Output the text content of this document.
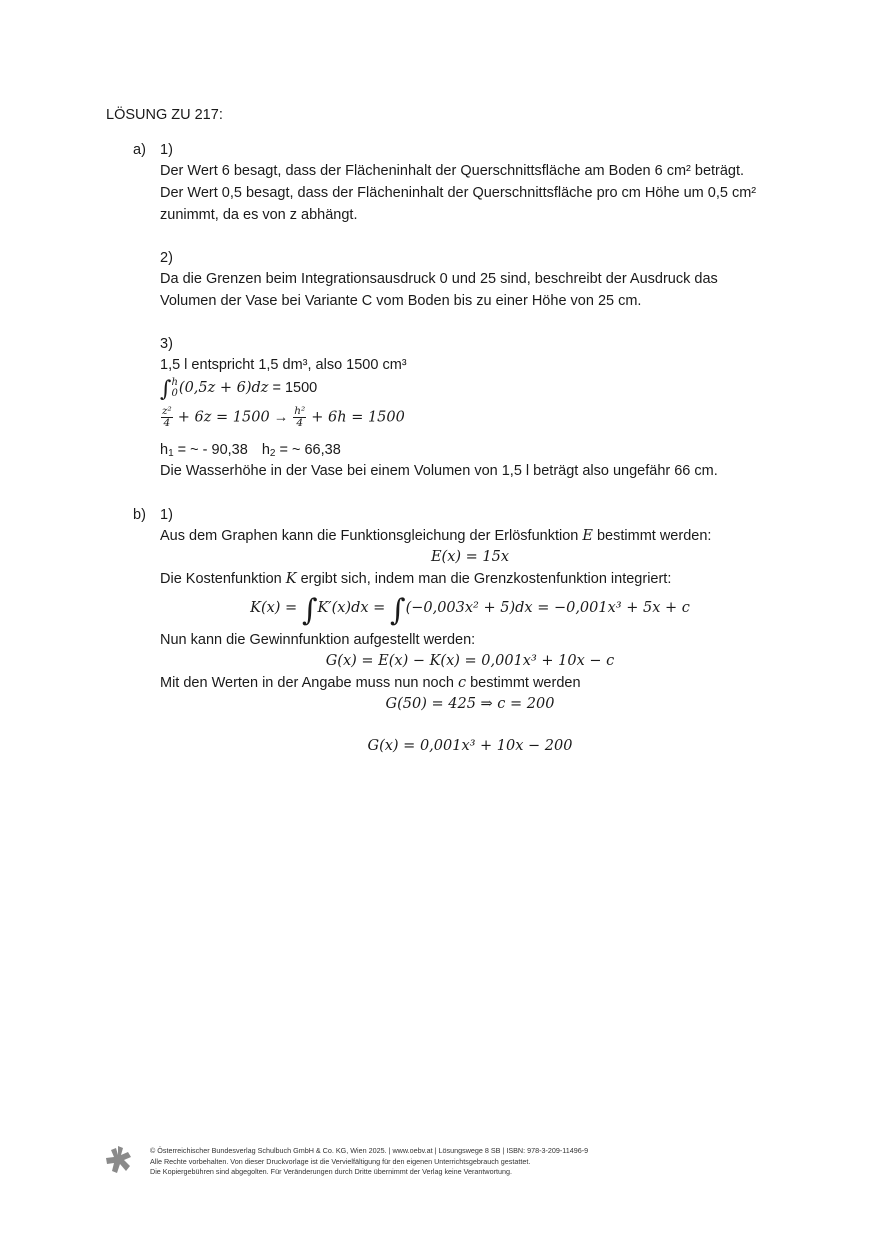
LÖSUNG ZU 217:
a) 1)
Der Wert 6 besagt, dass der Flächeninhalt der Querschnittsfläche am Boden 6 cm² beträgt.
Der Wert 0,5 besagt, dass der Flächeninhalt der Querschnittsfläche pro cm Höhe um 0,5 cm²
zunimmt, da es von z abhängt.
2)
Da die Grenzen beim Integrationsausdruck 0 und 25 sind, beschreibt der Ausdruck das
Volumen der Vase bei Variante C vom Boden bis zu einer Höhe von 25 cm.
3)
1,5 l entspricht 1,5 dm³, also 1500 cm³
∫ h
0 (0,5z + 6)dz = 1500
$\frac{\text{z²}}{4} + 6z = 1500 \to \frac{\text{h²}}{4} + 6h = 1500$
$h_1$ = ~ - 90,38 $h_2$ = ~ 66,38
Die Wasserhöhe in der Vase bei einem Volumen von 1,5 l beträgt also ungefähr 66 cm.
b) 1)
Aus dem Graphen kann die Funktionsgleichung der Erlösfunktion E bestimmt werden:
E(x) = 15x
Die Kostenfunktion K ergibt sich, indem man die Grenzkostenfunktion integriert:
K(x) = ∫K′(x)dx = ∫(−0,003x² + 5)dx = −0,001x³ + 5x + c
Nun kann die Gewinnfunktion aufgestellt werden:
G(x) = E(x) − K(x) = 0,001x³ + 10x − c
Mit den Werten in der Angabe muss nun noch c bestimmt werden
G(50) = 425 ⇒ c = 200
G(x) = 0,001x³ + 10x − 200
© Österreichischer Bundesverlag Schulbuch GmbH & Co. KG, Wien 2025. | www.oebv.at | Lösungswege 8 SB | ISBN: 978-3-209-11496-9
Alle Rechte vorbehalten. Von dieser Druckvorlage ist die Vervielfältigung für den eigenen Unterrichtsgebrauch gestattet.
Die Kopiergebühren sind abgegolten. Für Veränderungen durch Dritte übernimmt der Verlag keine Verantwortung.
